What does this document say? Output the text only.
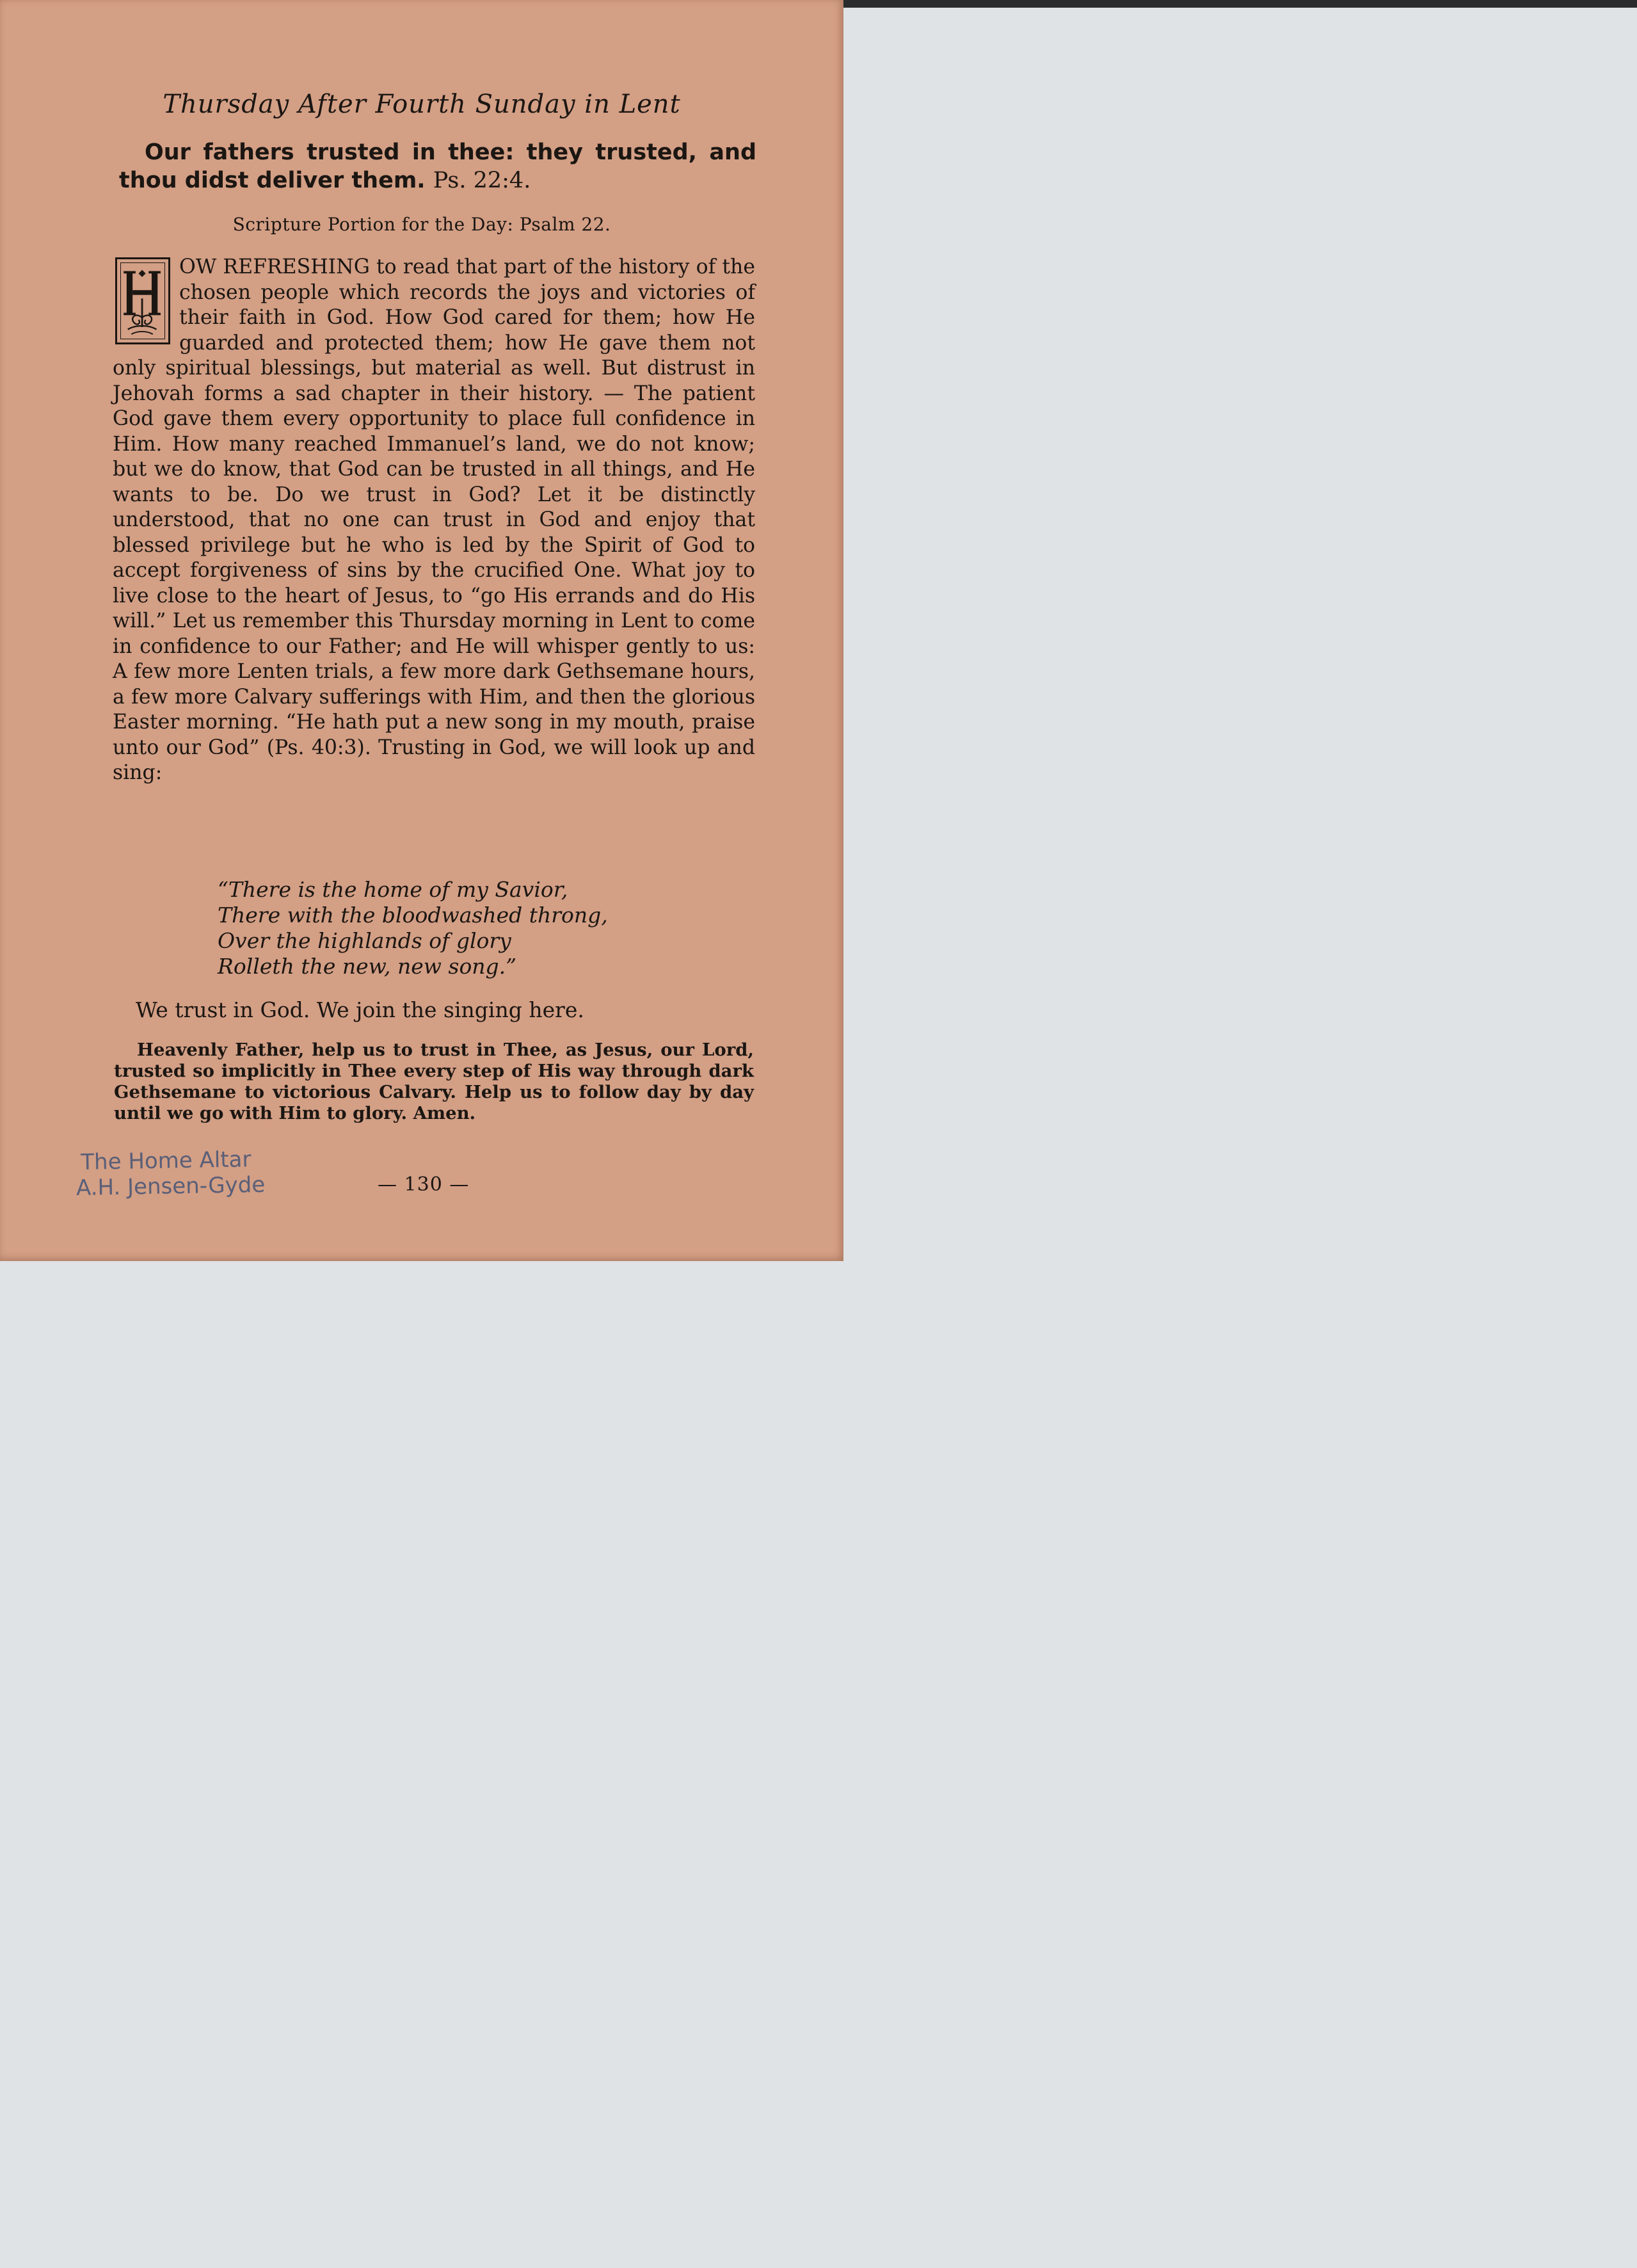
Thursday After Fourth Sunday in Lent
Our fathers trusted in thee: they trusted, and thou didst deliver them. Ps. 22:4.
Scripture Portion for the Day: Psalm 22.

OW REFRESHING to read that part of the history of the chosen people which records the joys and victories of their faith in God. How God cared for them; how He guarded and protected them; how He gave them not only spiritual blessings, but material as well. But distrust in Jehovah forms a sad chapter in their history. — The patient God gave them every opportunity to place full confidence in Him. How many reached Immanuel’s land, we do not know; but we do know, that God can be trusted in all things, and He wants to be. Do we trust in God? Let it be distinctly understood, that no one can trust in God and enjoy that blessed privilege but he who is led by the Spirit of God to accept forgiveness of sins by the crucified One. What joy to live close to the heart of Jesus, to “go His errands and do His will.” Let us remember this Thursday morning in Lent to come in confidence to our Father; and He will whisper gently to us: A few more Lenten trials, a few more dark Gethsemane hours, a few more Calvary sufferings with Him, and then the glorious Easter morning. “He hath put a new song in my mouth, praise unto our God” (Ps. 40:3). Trusting in God, we will look up and sing:

“There is the home of my Savior,
There with the bloodwashed throng,
Over the highlands of glory
Rolleth the new, new song.”
We trust in God. We join the singing here.
Heavenly Father, help us to trust in Thee, as Jesus, our Lord, trusted so implicitly in Thee every step of His way through dark Gethsemane to victorious Calvary. Help us to follow day by day until we go with Him to glory. Amen.
The Home Altar
A.H. Jensen-Gyde	— 130 —
